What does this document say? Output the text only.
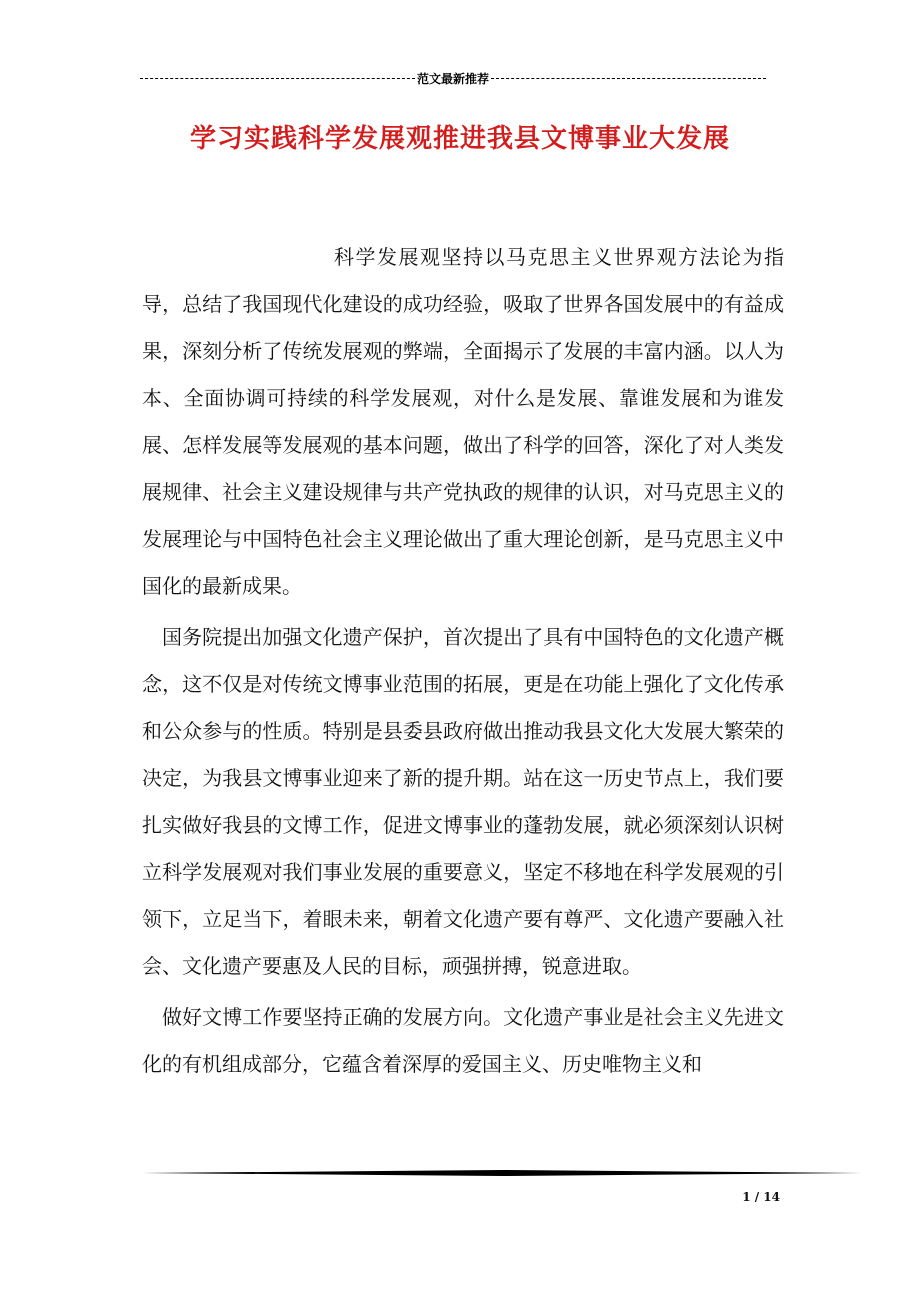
范文最新推荐
学习实践科学发展观推进我县文博事业大发展

科学发展观坚持以马克思主义世界观方法论为指导，总结了我国现代化建设的成功经验，吸取了世界各国发展中的有益成果，深刻分析了传统发展观的弊端，全面揭示了发展的丰富内涵。以人为本、全面协调可持续的科学发展观，对什么是发展、靠谁发展和为谁发展、怎样发展等发展观的基本问题，做出了科学的回答，深化了对人类发展规律、社会主义建设规律与共产党执政的规律的认识，对马克思主义的发展理论与中国特色社会主义理论做出了重大理论创新，是马克思主义中国化的最新成果。

国务院提出加强文化遗产保护，首次提出了具有中国特色的文化遗产概念，这不仅是对传统文博事业范围的拓展，更是在功能上强化了文化传承和公众参与的性质。特别是县委县政府做出推动我县文化大发展大繁荣的决定，为我县文博事业迎来了新的提升期。站在这一历史节点上，我们要扎实做好我县的文博工作，促进文博事业的蓬勃发展，就必须深刻认识树立科学发展观对我们事业发展的重要意义，坚定不移地在科学发展观的引领下，立足当下，着眼未来，朝着文化遗产要有尊严、文化遗产要融入社会、文化遗产要惠及人民的目标，顽强拼搏，锐意进取。

做好文博工作要坚持正确的发展方向。文化遗产事业是社会主义先进文化的有机组成部分，它蕴含着深厚的爱国主义、历史唯物主义和

1 / 14
